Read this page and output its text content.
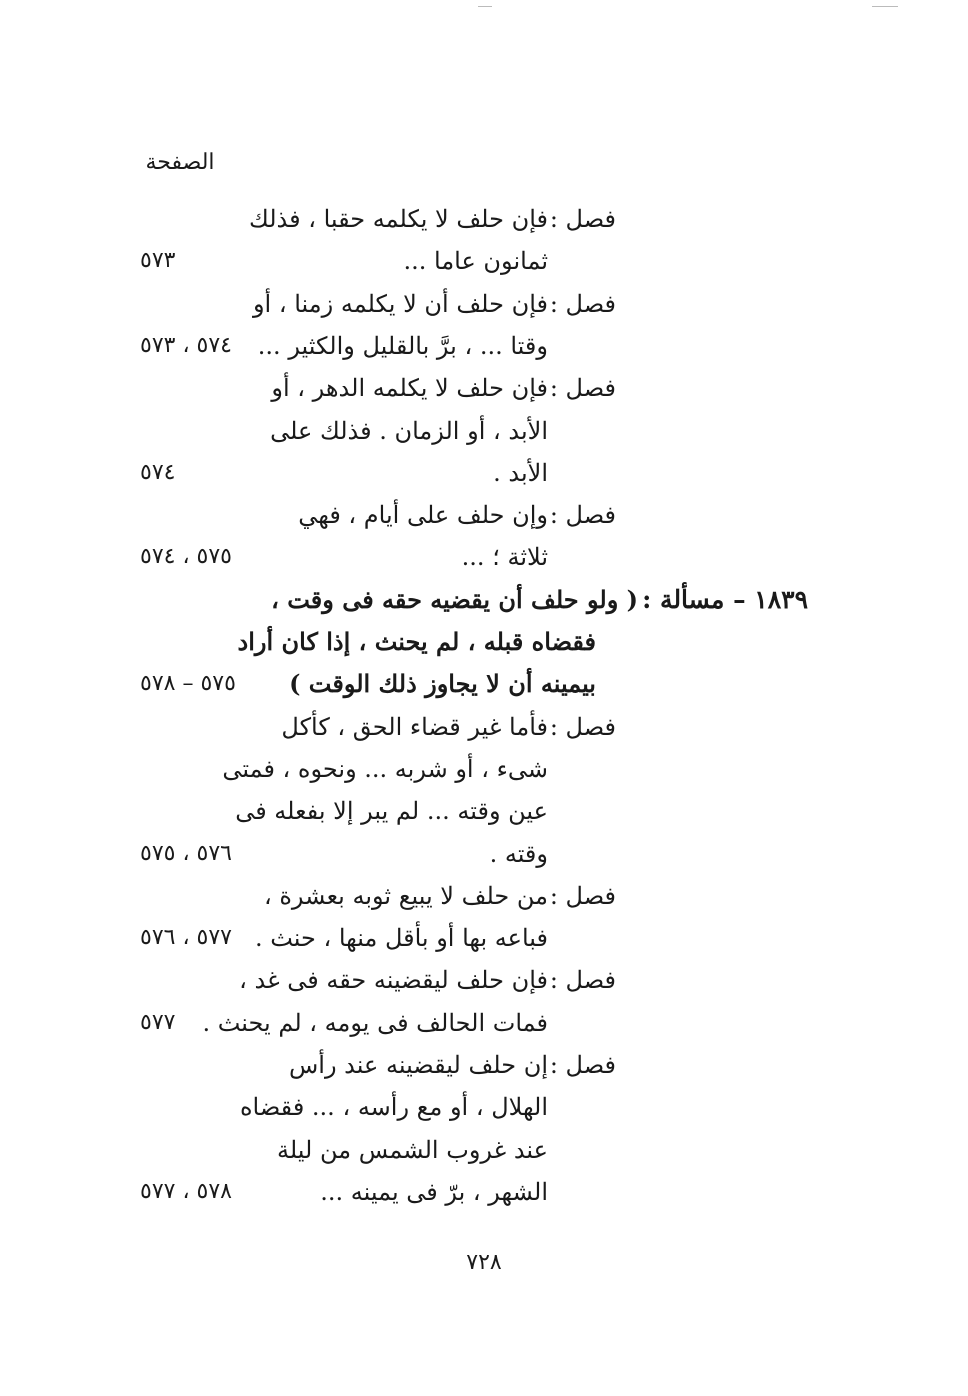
الصفحة
فصل :
فإن حلف لا يكلمه حقبا ، فذلك
ثمانون عاما ...
٥٧٣
فصل :
فإن حلف أن لا يكلمه زمنا ، أو
وقتا ... ، برَّ بالقليل والكثير ...
٥٧٤ ، ٥٧٣
فصل :
فإن حلف لا يكلمه الدهر ، أو
الأبد ، أو الزمان . فذلك على
الأبد .
٥٧٤
فصل :
وإن حلف على أيام ، فهي
ثلاثة ؛ ...
٥٧٥ ، ٥٧٤
١٨٣٩ – مسألة :
( ولو حلف أن يقضيه حقه فى وقت ،
فقضاه قبله ، لم يحنث ، إذا كان أراد
بيمينه أن لا يجاوز ذلك الوقت )
٥٧٥ – ٥٧٨
فصل :
فأما غير قضاء الحق ، كأكل
شىء ، أو شربه ... ونحوه ، فمتى
عين وقته ... لم يبر إلا بفعله فى
وقته .
٥٧٦ ، ٥٧٥
فصل :
من حلف لا يبيع ثوبه بعشرة ،
فباعه بها أو بأقل منها ، حنث .
٥٧٧ ، ٥٧٦
فصل :
فإن حلف ليقضينه حقه فى غد ،
فمات الحالف فى يومه ، لم يحنث .
٥٧٧
فصل :
إن حلف ليقضينه عند رأس
الهلال ، أو مع رأسه ، ... فقضاه
عند غروب الشمس من ليلة
الشهر ، برّ فى يمينه ...
٥٧٨ ، ٥٧٧
٧٢٨
